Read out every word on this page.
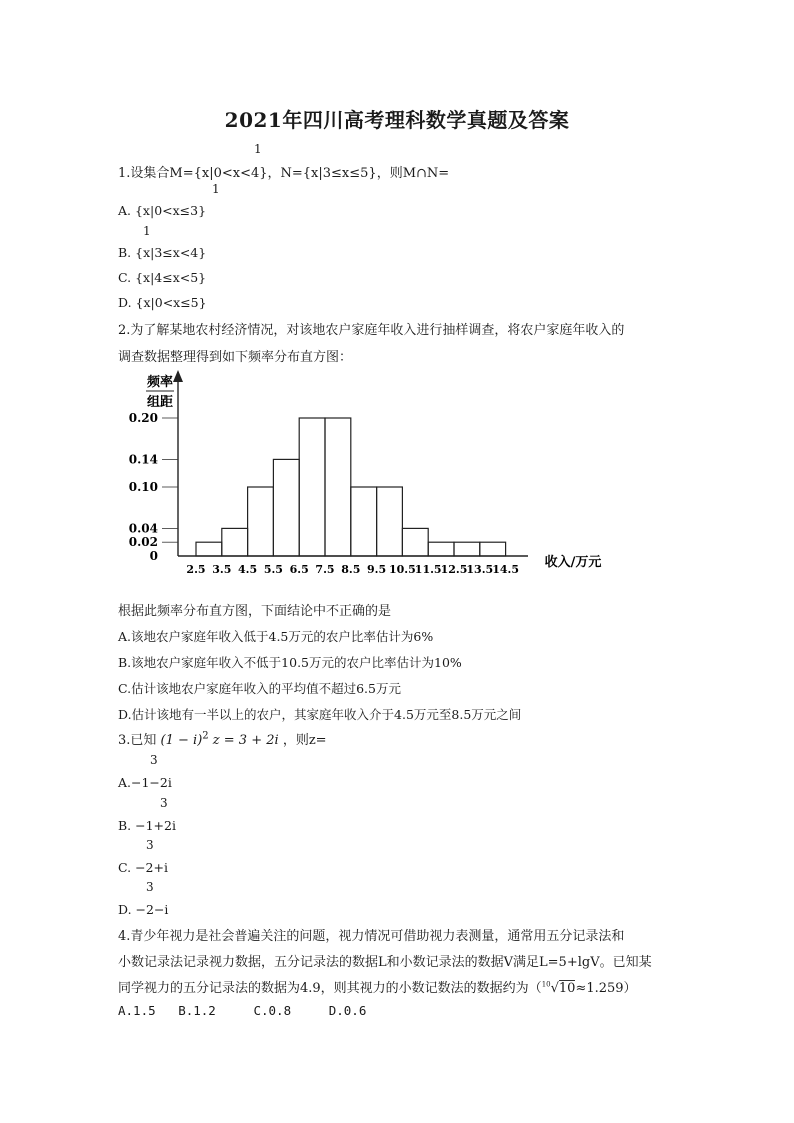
2021年四川高考理科数学真题及答案
1
1.设集合M={x|0<x<4}，N={x|3≤x≤5}，则M∩N=
1
A. {x|0<x≤3}
1
B. {x|3≤x<4}
C. {x|4≤x<5}
D. {x|0<x≤5}
2.为了解某地农村经济情况，对该地农户家庭年收入进行抽样调查，将农户家庭年收入的
调查数据整理得到如下频率分布直方图：
频率
组距
收入/万元
0.20
0.14
0.10
0.04
0.02
0
2.5 3.5 4.5 5.5 6.5 7.5 8.5 9.5 10.5 11.5 12.5 13.5 14.5
根据此频率分布直方图，下面结论中不正确的是
A.该地农户家庭年收入低于4.5万元的农户比率估计为6%
B.该地农户家庭年收入不低于10.5万元的农户比率估计为10%
C.估计该地农户家庭年收入的平均值不超过6.5万元
D.估计该地有一半以上的农户，其家庭年收入介于4.5万元至8.5万元之间
3.已知 $(1 - i)^2$ z = 3 + 2i ，则z=
3
A.−1−2i
3
B. −1+2i
3
C. −2+i
3
D. −2−i
4.青少年视力是社会普遍关注的问题，视力情况可借助视力表测量，通常用五分记录法和
小数记录法记录视力数据，五分记录法的数据L和小数记录法的数据V满足L=5+lgV。已知某
同学视力的五分记录法的数据为4.9，则其视力的小数记数法的数据约为（$^{10}$√10≈1.259）
A.1.5   B.1.2     C.0.8     D.0.6
